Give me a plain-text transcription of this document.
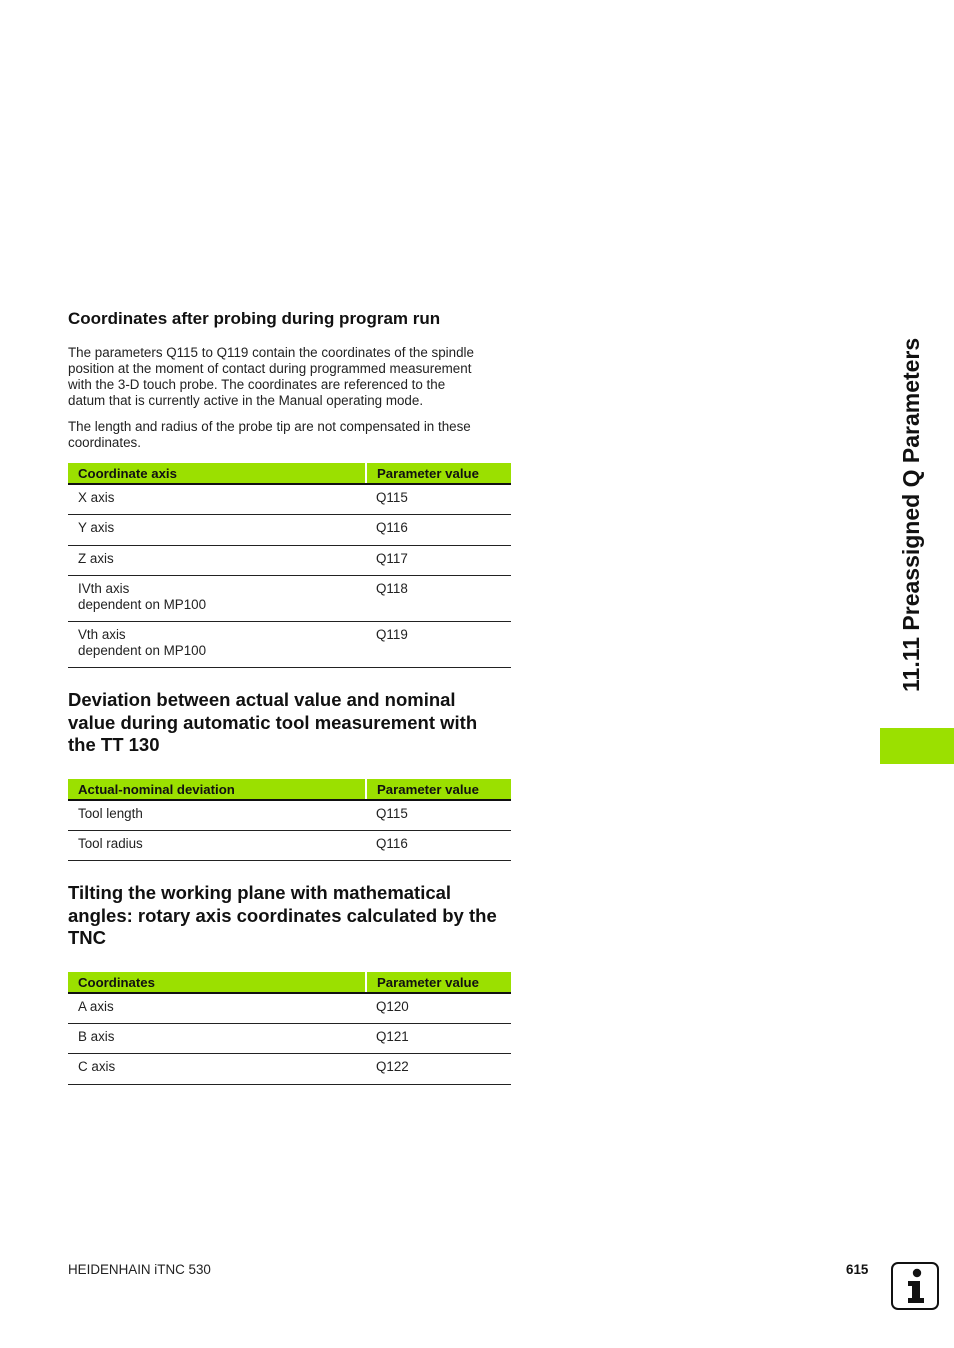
Coordinates after probing during program run

The parameters Q115 to Q119 contain the coordinates of the spindle
position at the moment of contact during programmed measurement
with the 3-D touch probe. The coordinates are referenced to the
datum that is currently active in the Manual operating mode.

The length and radius of the probe tip are not compensated in these
coordinates.

Coordinate axis	Parameter value
X axis	Q115
Y axis	Q116
Z axis	Q117

IVth axis
dependent on MP100	Q118

Vth axis
dependent on MP100	Q119
Deviation between actual value and nominal
value during automatic tool measurement with
the TT 130
Actual-nominal deviation	Parameter value
Tool length	Q115
Tool radius	Q116
Tilting the working plane with mathematical
angles: rotary axis coordinates calculated by the
TNC
Coordinates	Parameter value
A axis	Q120
B axis	Q121
C axis	Q122
11.11 Preassigned Q Parameters
HEIDENHAIN iTNC 530	615
